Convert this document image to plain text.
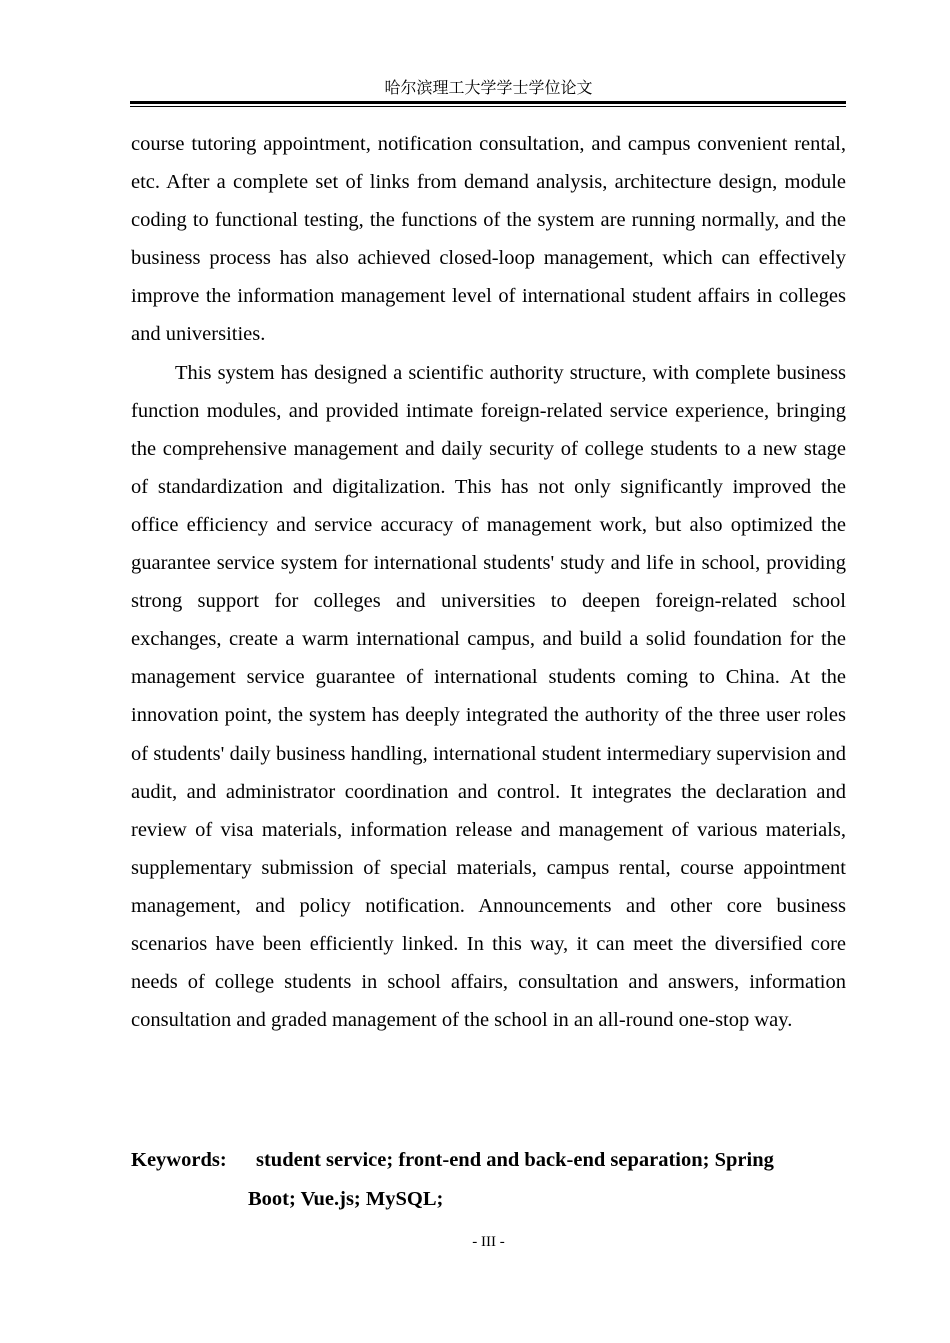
哈尔滨理工大学学士学位论文

course tutoring appointment, notification consultation, and campus convenient rental, etc. After a complete set of links from demand analysis, architecture design, module coding to functional testing, the functions of the system are running normally, and the business process has also achieved closed-loop management, which can effectively improve the information management level of international student affairs in colleges and universities.

This system has designed a scientific authority structure, with complete business function modules, and provided intimate foreign-related service experience, bringing the comprehensive management and daily security of college students to a new stage of standardization and digitalization. This has not only significantly improved the office efficiency and service accuracy of management work, but also optimized the guarantee service system for international students' study and life in school, providing strong support for colleges and universities to deepen foreign-related school exchanges, create a warm international campus, and build a solid foundation for the management service guarantee of international students coming to China. At the innovation point, the system has deeply integrated the authority of the three user roles of students' daily business handling, international student intermediary supervision and audit, and administrator coordination and control. It integrates the declaration and review of visa materials, information release and management of various materials, supplementary submission of special materials, campus rental, course appointment management, and policy notification. Announcements and other core business scenarios have been efficiently linked. In this way, it can meet the diversified core needs of college students in school affairs, consultation and answers, information consultation and graded management of the school in an all-round one-stop way.

Keywords: student service; front-end and back-end separation; Spring
Boot; Vue.js; MySQL;
- III -
